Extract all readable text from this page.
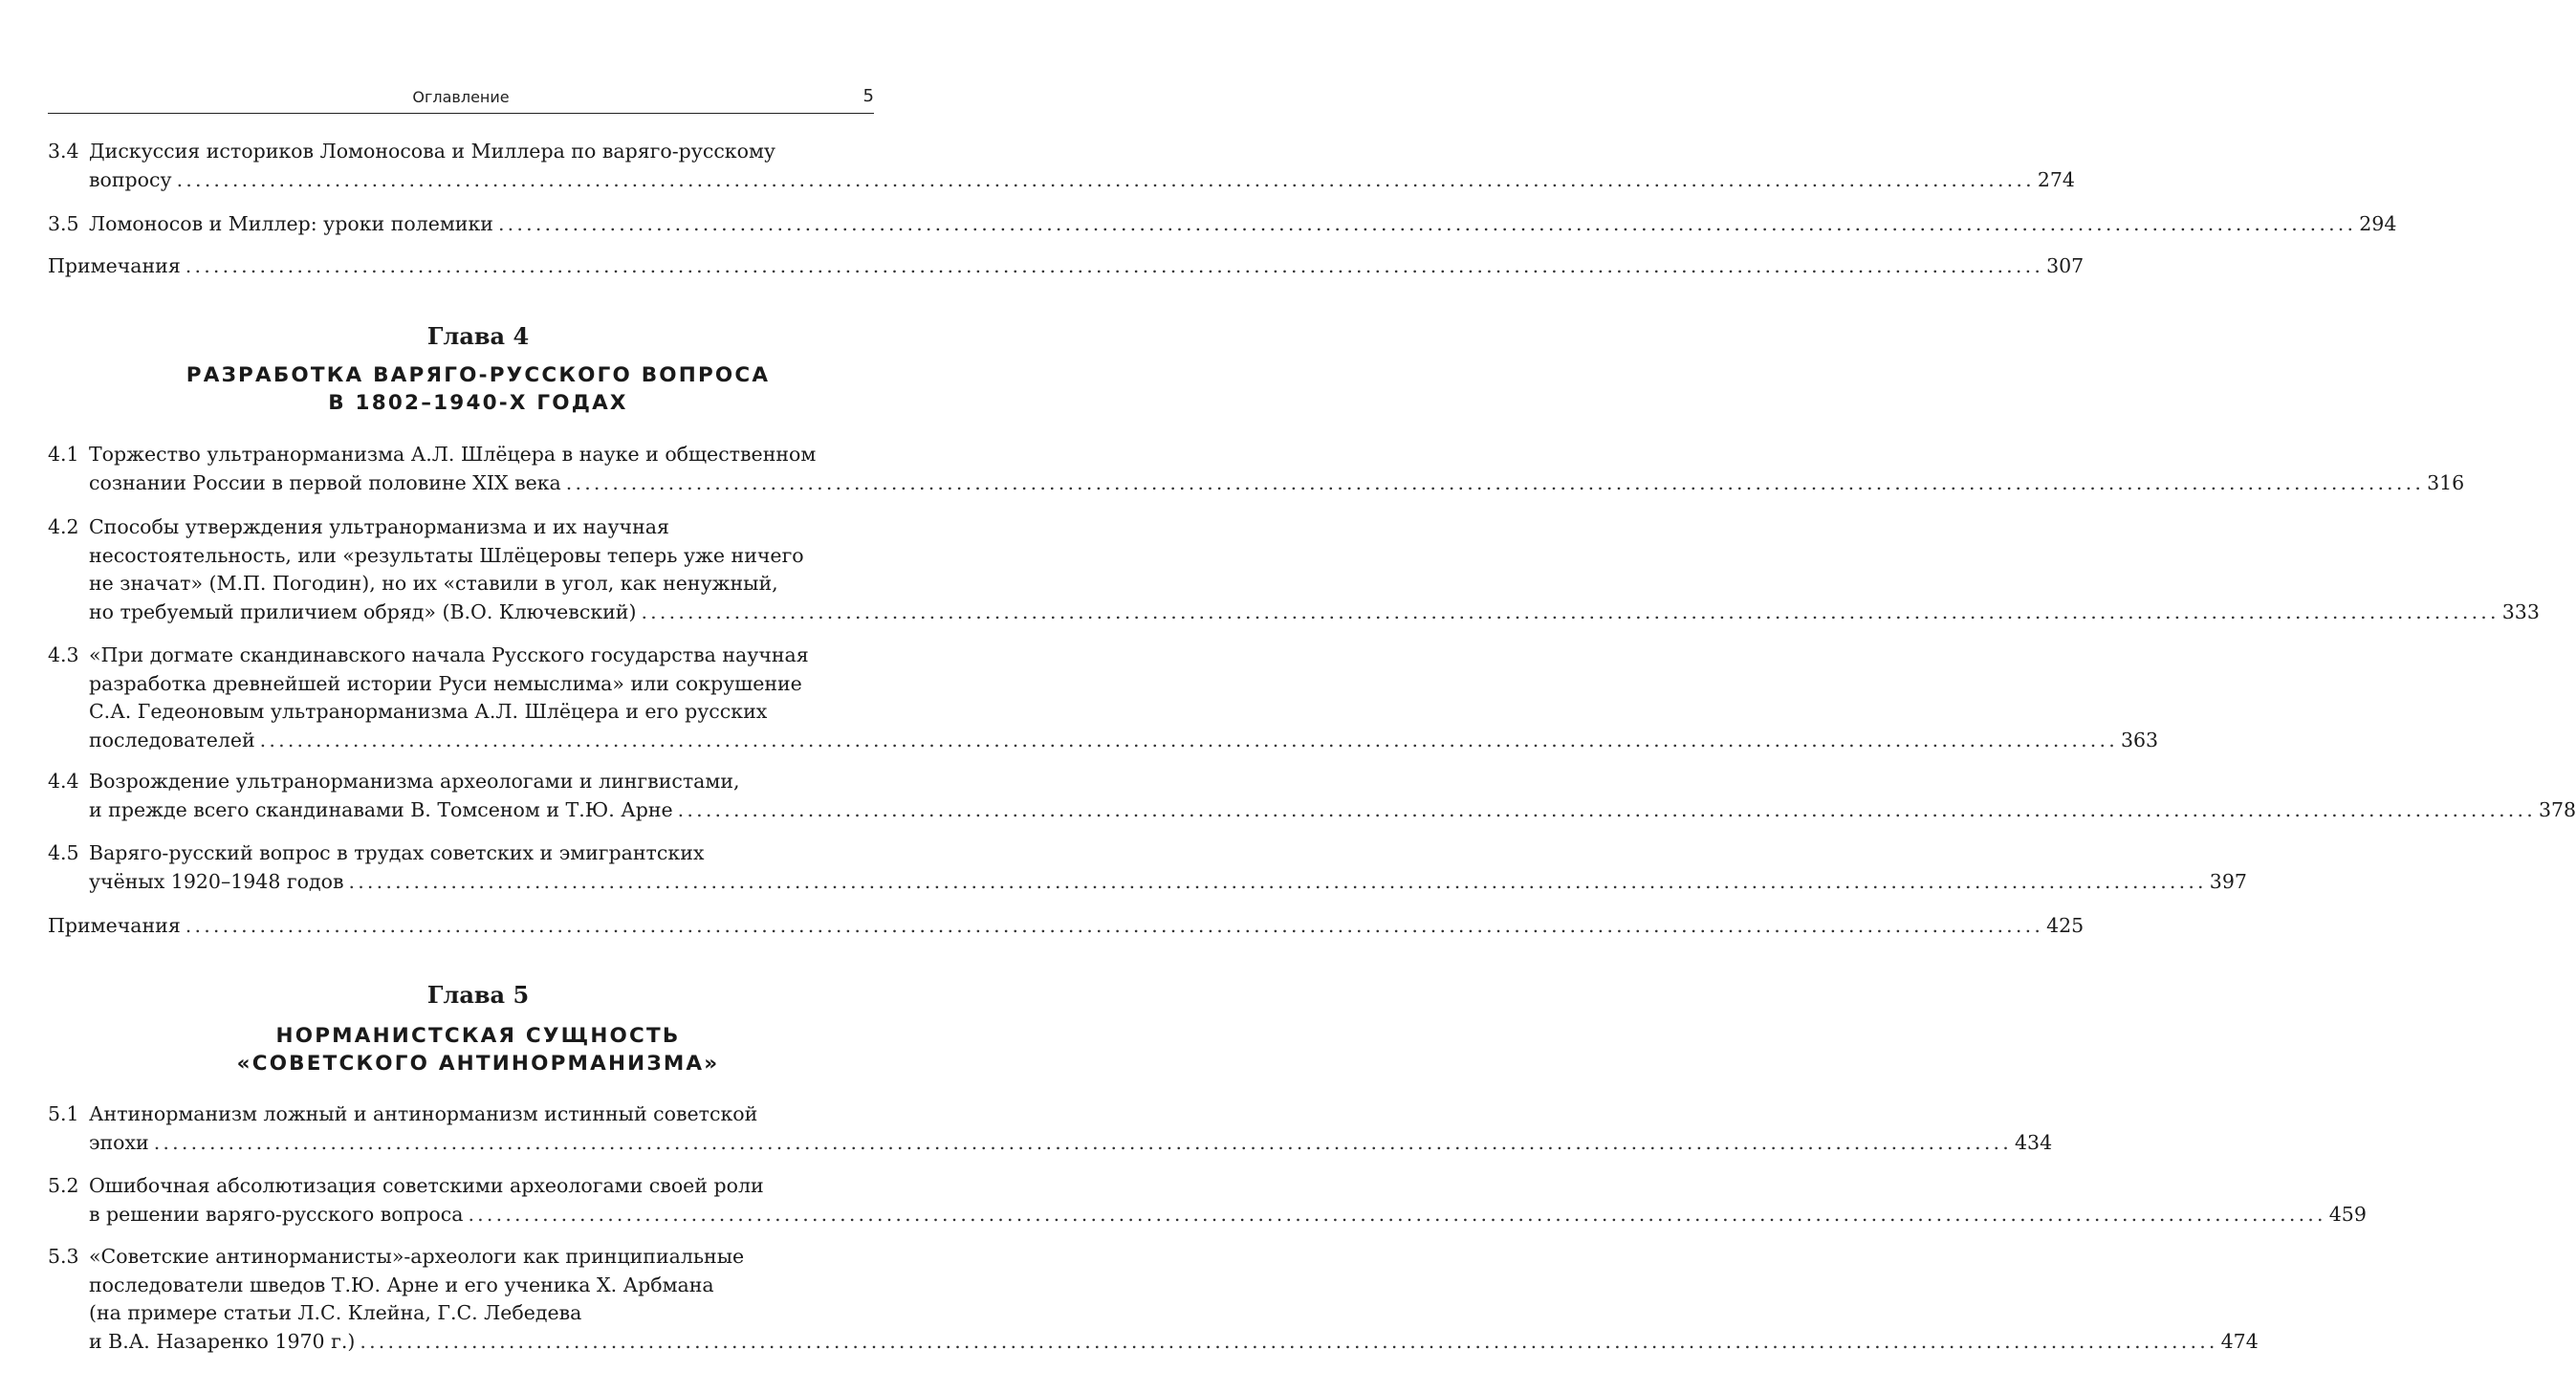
Оглавление	5
3.4 Дискуссия историков Ломоносова и Миллера по варяго-русскому
вопросу ........................................................................................................................................................................................................ 274
3.5 Ломоносов и Миллер: уроки полемики ........................................................................................................................................................................................................ 294
Примечания ........................................................................................................................................................................................................ 307
Глава 4
РАЗРАБОТКА ВАРЯГО-РУССКОГО ВОПРОСА
В 1802–1940-Х ГОДАХ
4.1 Торжество ультранорманизма А.Л. Шлёцера в науке и общественном
сознании России в первой половине XIX века ........................................................................................................................................................................................................ 316
4.2 Способы утверждения ультранорманизма и их научная
несостоятельность, или «результаты Шлёцеровы теперь уже ничего
не значат» (М.П. Погодин), но их «ставили в угол, как ненужный,
но требуемый приличием обряд» (В.О. Ключевский) ........................................................................................................................................................................................................ 333
4.3 «При догмате скандинавского начала Русского государства научная
разработка древнейшей истории Руси немыслима» или сокрушение
С.А. Гедеоновым ультранорманизма А.Л. Шлёцера и его русских
последователей ........................................................................................................................................................................................................ 363
4.4 Возрождение ультранорманизма археологами и лингвистами,
и прежде всего скандинавами В. Томсеном и Т.Ю. Арне ........................................................................................................................................................................................................ 378
4.5 Варяго-русский вопрос в трудах советских и эмигрантских
учёных 1920–1948 годов ........................................................................................................................................................................................................ 397
Примечания ........................................................................................................................................................................................................ 425
Глава 5
НОРМАНИСТСКАЯ СУЩНОСТЬ
«СОВЕТСКОГО АНТИНОРМАНИЗМА»
5.1 Антинорманизм ложный и антинорманизм истинный советской
эпохи ........................................................................................................................................................................................................ 434
5.2 Ошибочная абсолютизация советскими археологами своей роли
в решении варяго-русского вопроса ........................................................................................................................................................................................................ 459
5.3 «Советские антинорманисты»-археологи как принципиальные
последователи шведов Т.Ю. Арне и его ученика Х. Арбмана
(на примере статьи Л.С. Клейна, Г.С. Лебедева
и В.А. Назаренко 1970 г.) ........................................................................................................................................................................................................ 474
